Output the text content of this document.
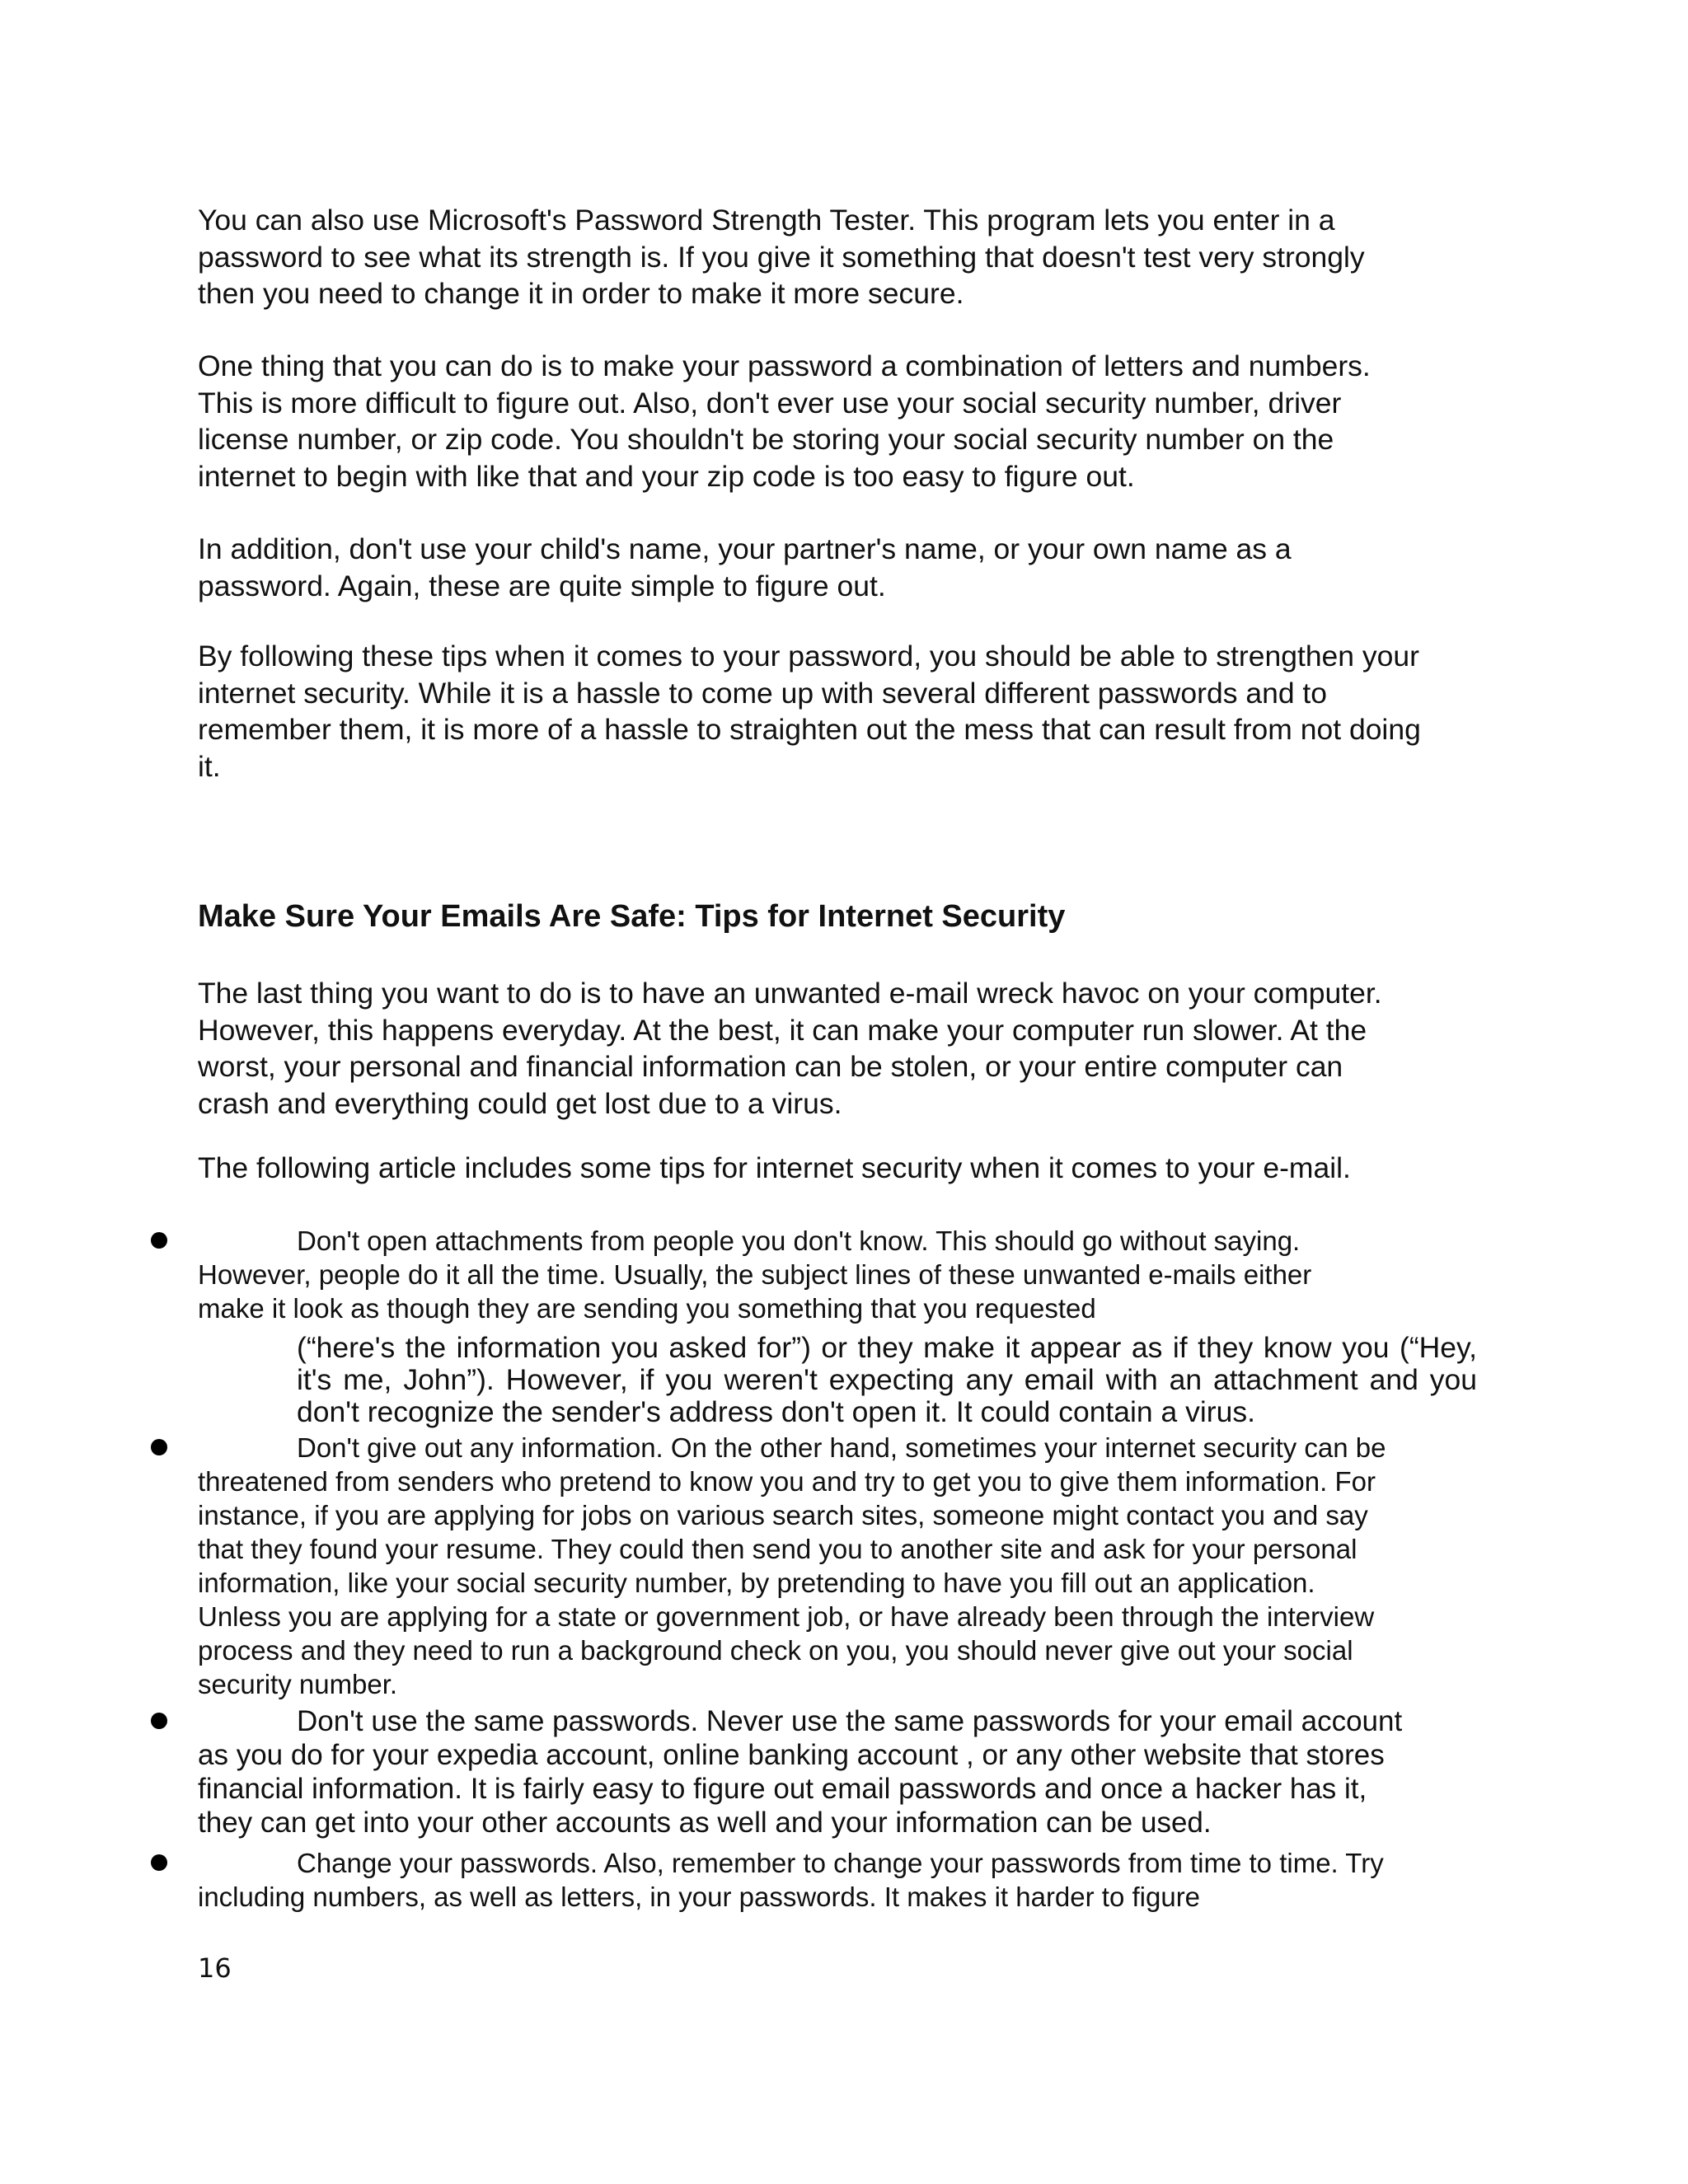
You can also use Microsoft's Password Strength Tester. This program lets you enter in a
password to see what its strength is. If you give it something that doesn't test very strongly
then you need to change it in order to make it more secure.

One thing that you can do is to make your password a combination of letters and numbers.
This is more difficult to figure out. Also, don't ever use your social security number, driver
license number, or zip code. You shouldn't be storing your social security number on the
internet to begin with like that and your zip code is too easy to figure out.

In addition, don't use your child's name, your partner's name, or your own name as a
password. Again, these are quite simple to figure out.

By following these tips when it comes to your password, you should be able to strengthen your
internet security. While it is a hassle to come up with several different passwords and to
remember them, it is more of a hassle to straighten out the mess that can result from not doing
it.

Make Sure Your Emails Are Safe: Tips for Internet Security

The last thing you want to do is to have an unwanted e-mail wreck havoc on your computer.
However, this happens everyday. At the best, it can make your computer run slower. At the
worst, your personal and financial information can be stolen, or your entire computer can
crash and everything could get lost due to a virus.

The following article includes some tips for internet security when it comes to your e-mail.

Don't open attachments from people you don't know. This should go without saying.
However, people do it all the time. Usually, the subject lines of these unwanted e-mails either
make it look as though they are sending you something that you requested

(“here's the information you asked for”) or they make it appear as if they know you (“Hey, it's me, John”). However, if you weren't expecting any email with an attachment and you don't recognize the sender's address don't open it. It could contain a virus.

Don't give out any information. On the other hand, sometimes your internet security can be
threatened from senders who pretend to know you and try to get you to give them information. For
instance, if you are applying for jobs on various search sites, someone might contact you and say
that they found your resume. They could then send you to another site and ask for your personal
information, like your social security number, by pretending to have you fill out an application.
Unless you are applying for a state or government job, or have already been through the interview
process and they need to run a background check on you, you should never give out your social
security number.

Don't use the same passwords. Never use the same passwords for your email account
as you do for your expedia account, online banking account , or any other website that stores
financial information. It is fairly easy to figure out email passwords and once a hacker has it,
they can get into your other accounts as well and your information can be used.

Change your passwords. Also, remember to change your passwords from time to time. Try
including numbers, as well as letters, in your passwords. It makes it harder to figure

16
